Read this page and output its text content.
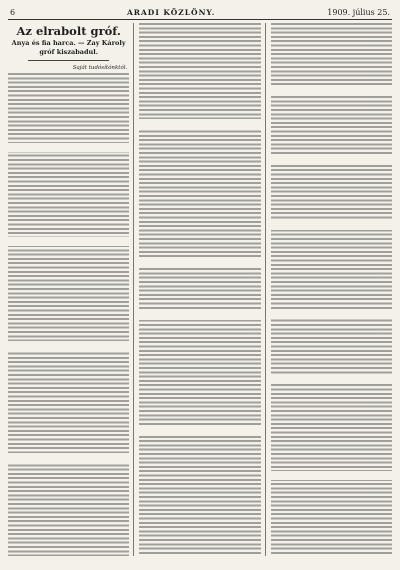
6	ARADI KÖZLÖNY.	1909. július 25.
Az elrabolt gróf.
Anya és fia harca. — Zay Károly gróf kiszabadul.
Saját tudósítónktól.
